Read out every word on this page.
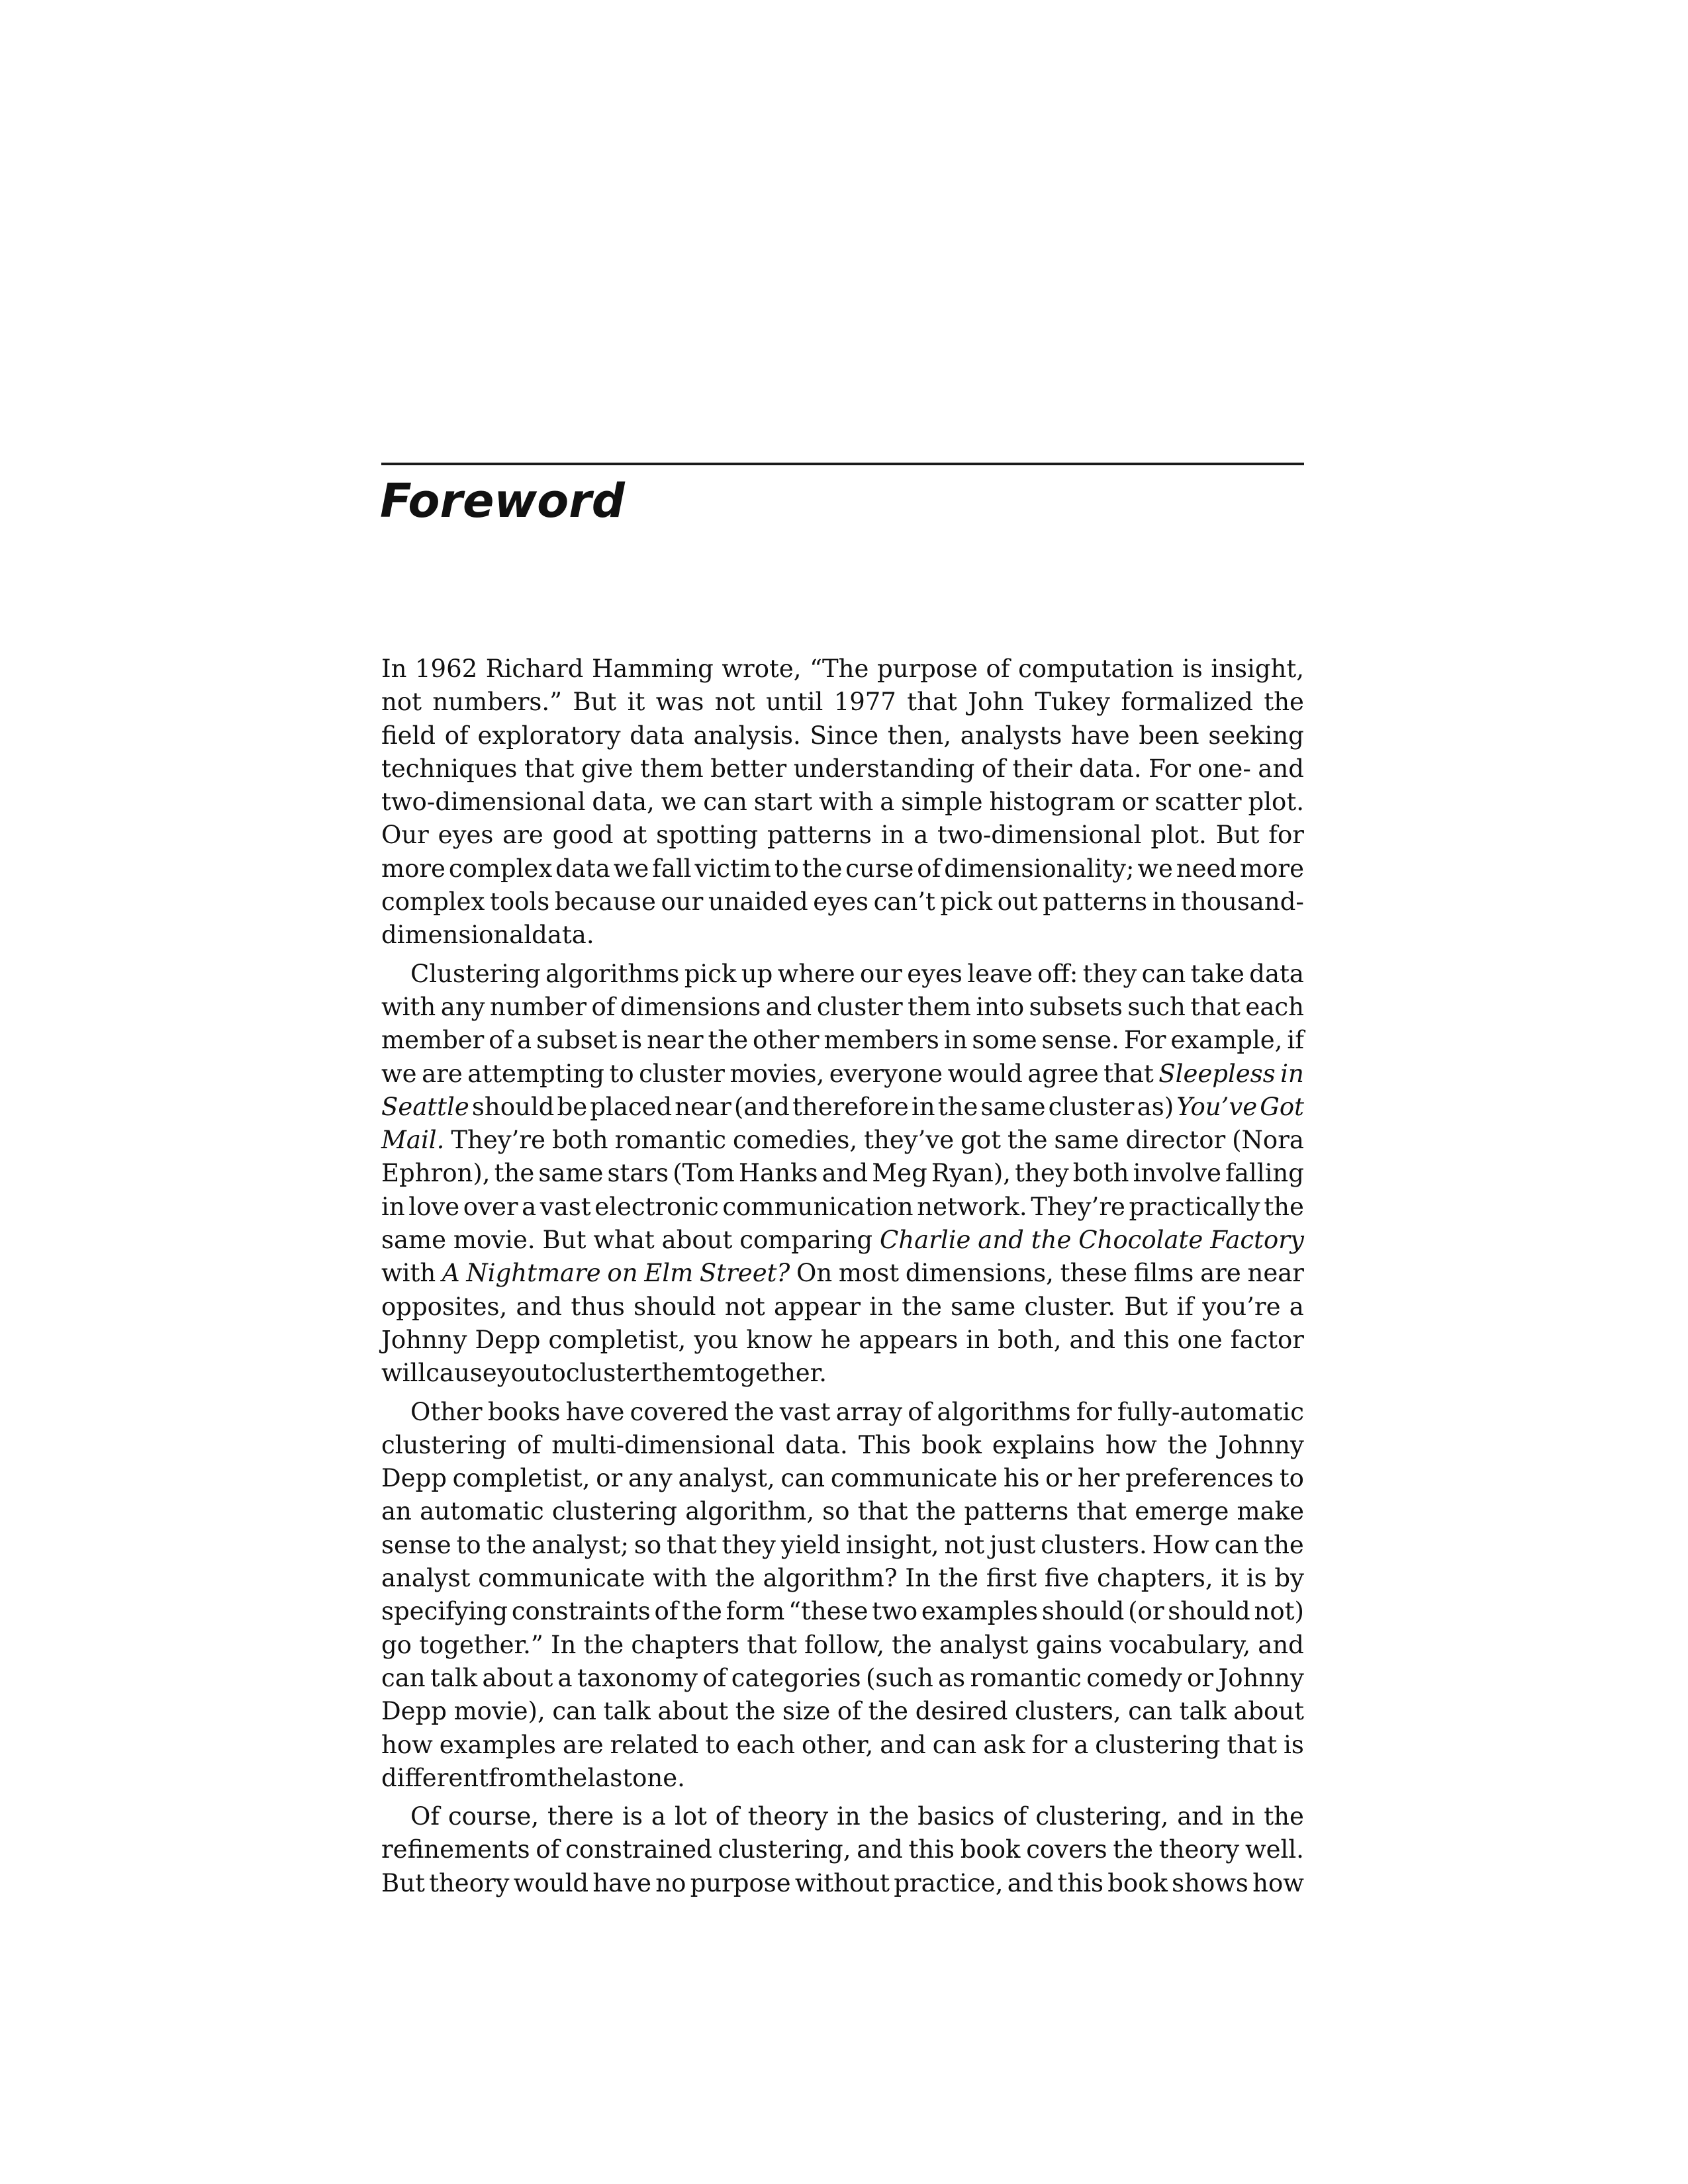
Foreword
In 1962 Richard Hamming wrote, “The purpose of computation is insight,
not numbers.” But it was not until 1977 that John Tukey formalized the
field of exploratory data analysis. Since then, analysts have been seeking
techniques that give them better understanding of their data. For one- and
two-dimensional data, we can start with a simple histogram or scatter plot.
Our eyes are good at spotting patterns in a two-dimensional plot. But for
more complex data we fall victim to the curse of dimensionality; we need more
complex tools because our unaided eyes can’t pick out patterns in thousand-
dimensional data.
Clustering algorithms pick up where our eyes leave off: they can take data
with any number of dimensions and cluster them into subsets such that each
member of a subset is near the other members in some sense. For example, if
we are attempting to cluster movies, everyone would agree that Sleepless in
Seattle should be placed near (and therefore in the same cluster as) You’ve Got
Mail. They’re both romantic comedies, they’ve got the same director (Nora
Ephron), the same stars (Tom Hanks and Meg Ryan), they both involve falling
in love over a vast electronic communication network. They’re practically the
same movie. But what about comparing Charlie and the Chocolate Factory
with A Nightmare on Elm Street? On most dimensions, these films are near
opposites, and thus should not appear in the same cluster. But if you’re a
Johnny Depp completist, you know he appears in both, and this one factor
will cause you to cluster them together.
Other books have covered the vast array of algorithms for fully-automatic
clustering of multi-dimensional data. This book explains how the Johnny
Depp completist, or any analyst, can communicate his or her preferences to
an automatic clustering algorithm, so that the patterns that emerge make
sense to the analyst; so that they yield insight, not just clusters. How can the
analyst communicate with the algorithm? In the first five chapters, it is by
specifying constraints of the form “these two examples should (or should not)
go together.” In the chapters that follow, the analyst gains vocabulary, and
can talk about a taxonomy of categories (such as romantic comedy or Johnny
Depp movie), can talk about the size of the desired clusters, can talk about
how examples are related to each other, and can ask for a clustering that is
different from the last one.
Of course, there is a lot of theory in the basics of clustering, and in the
refinements of constrained clustering, and this book covers the theory well.
But theory would have no purpose without practice, and this book shows how
